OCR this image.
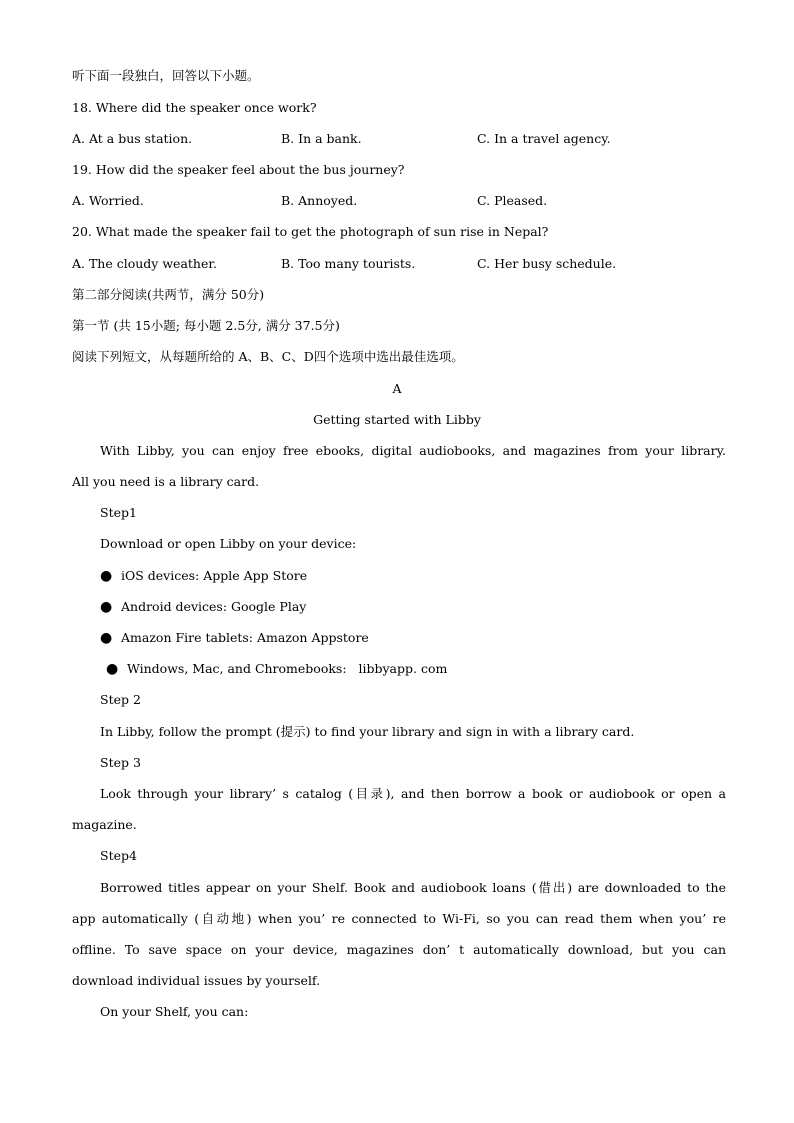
听下面一段独白，回答以下小题。
18. Where did the speaker once work?

A. At a bus station.

	B. In a bank.

	C. In a travel agency.

19. How did the speaker feel about the bus journey?

A. Worried.

	B. Annoyed.

	C. Pleased.

20. What made the speaker fail to get the photograph of sun rise in Nepal?

A. The cloudy weather.

	B. Too many tourists.

	C. Her busy schedule.

第二部分阅读(共两节，满分 50分)
第一节 (共 15小题; 每小题 2.5分, 满分 37.5分)
阅读下列短文，从每题所给的 A、B、C、D四个选项中选出最佳选项。
A
Getting started with Libby
With Libby, you can enjoy free ebooks, digital audiobooks, and magazines from your library.
All you need is a library card.
Step1
Download or open Libby on your device:

●

iOS devices: Apple App Store

●

Android devices: Google Play

●

Amazon Fire tablets: Amazon Appstore

●

Windows, Mac, and Chromebooks:   libbyapp. com

Step 2
In Libby, follow the prompt (提示) to find your library and sign in with a library card.
Step 3
Look through your library’ s catalog (目录), and then borrow a book or audiobook or open a
magazine.
Step4
Borrowed titles appear on your Shelf. Book and audiobook loans (借出) are downloaded to the
app automatically (自动地) when you’ re connected to Wi-Fi, so you can read them when you’ re
offline. To save space on your device, magazines don’ t automatically download, but you can
download individual issues by yourself.
On your Shelf, you can:
